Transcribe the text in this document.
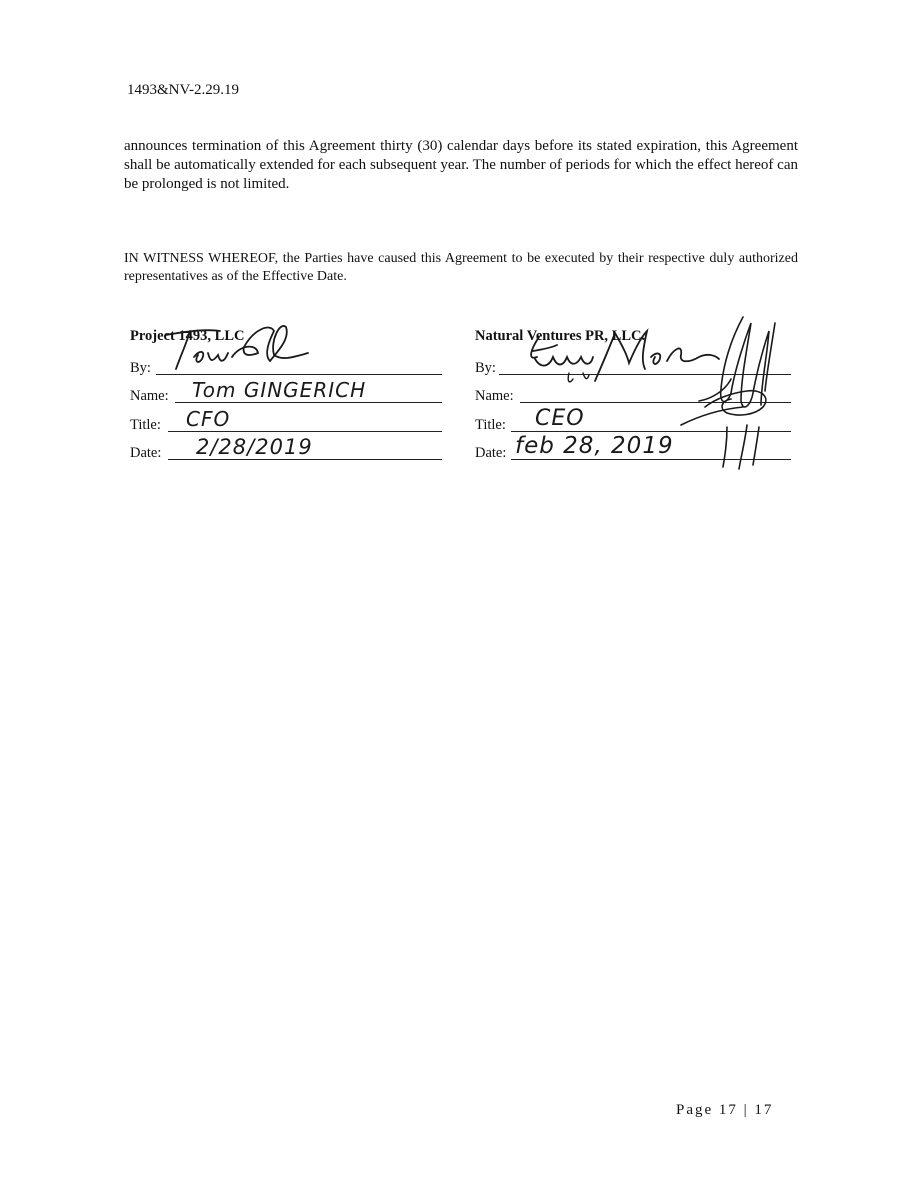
1493&NV-2.29.19
announces termination of this Agreement thirty (30) calendar days before its stated expiration, this Agreement shall be automatically extended for each subsequent year. The number of periods for which the effect hereof can be prolonged is not limited.
IN WITNESS WHEREOF, the Parties have caused this Agreement to be executed by their respective duly authorized representatives as of the Effective Date.
Project 1493, LLC
By:
Name: Tom GINGERICH
Title: CFO
Date: 2/28/2019
Natural Ventures PR, LLC.
By:
Name:
Title: CEO
Date: feb 28, 2019
Page 17 | 17
